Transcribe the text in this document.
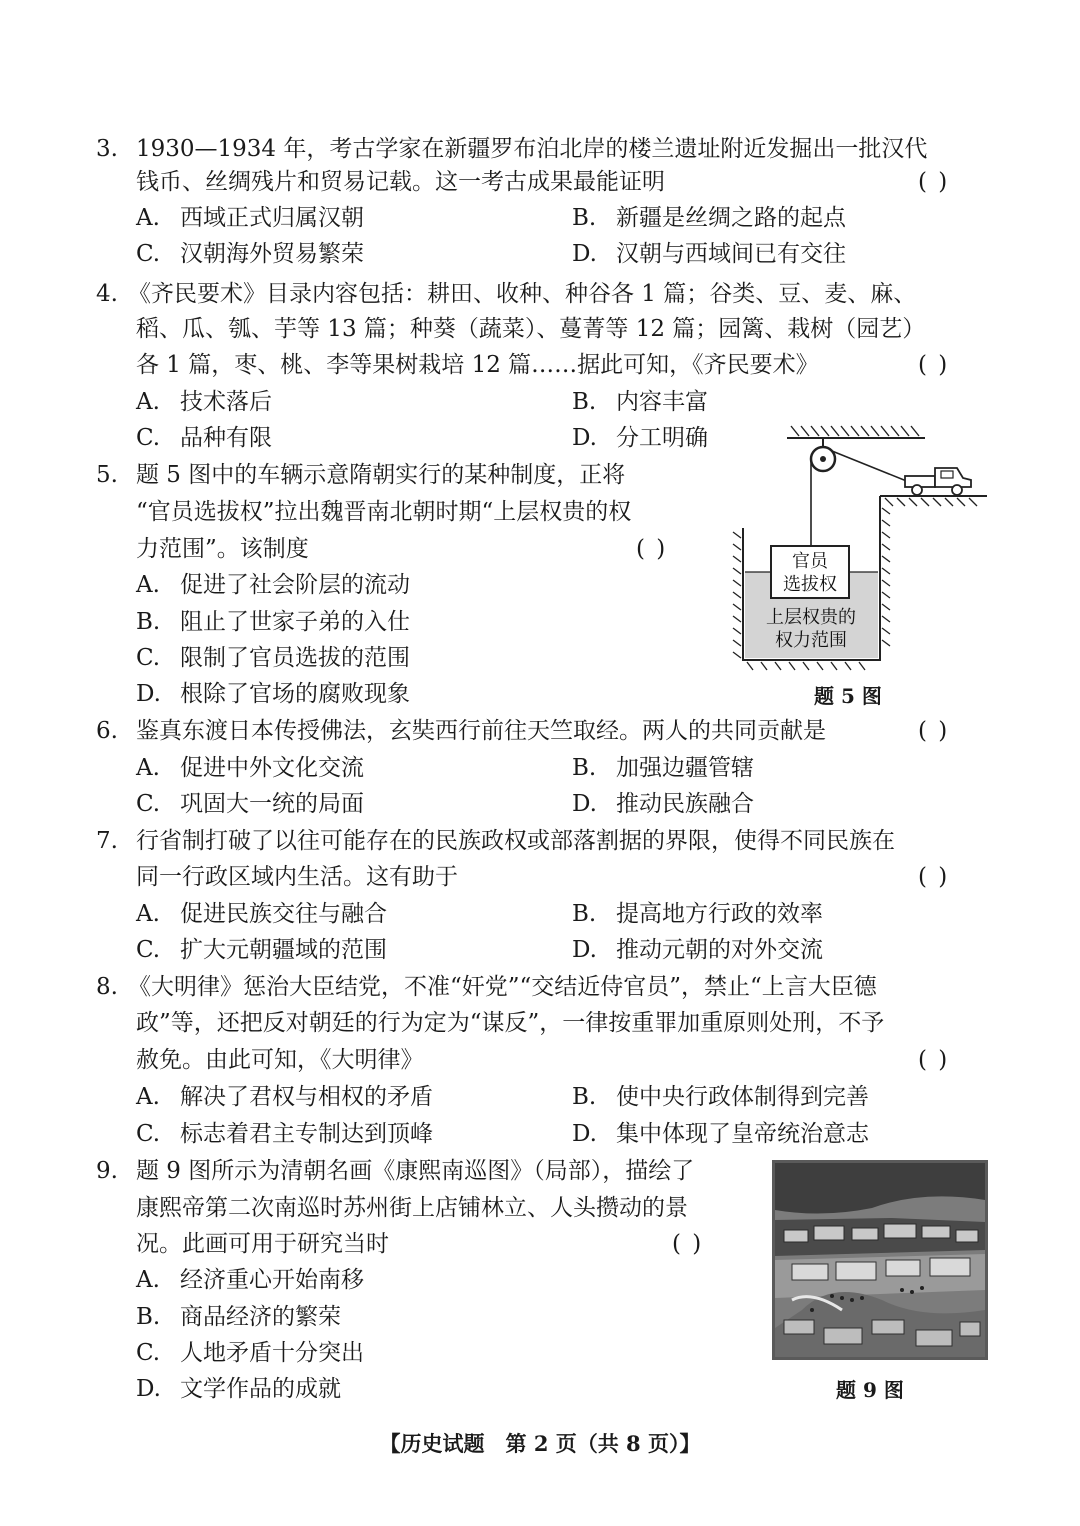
3. 1930—1934 年，考古学家在新疆罗布泊北岸的楼兰遗址附近发掘出一批汉代
钱币、丝绸残片和贸易记载。这一考古成果最能证明	( )
A. 西域正式归属汉朝	B. 新疆是丝绸之路的起点
C. 汉朝海外贸易繁荣	D. 汉朝与西域间已有交往
4. 《齐民要术》目录内容包括：耕田、收种、种谷各 1 篇；谷类、豆、麦、麻、
稻、瓜、瓠、芋等 13 篇；种葵（蔬菜）、蔓菁等 12 篇；园篱、栽树（园艺）
各 1 篇，枣、桃、李等果树栽培 12 篇……据此可知，《齐民要术》	( )
A. 技术落后	B. 内容丰富
C. 品种有限	D. 分工明确
5. 题 5 图中的车辆示意隋朝实行的某种制度，正将
“官员选拔权”拉出魏晋南北朝时期“上层权贵的权
力范围”。该制度	( )
A. 促进了社会阶层的流动
B. 阻止了世家子弟的入仕
C. 限制了官员选拔的范围
D. 根除了官场的腐败现象
官员
选拔权
上层权贵的
权力范围
题 5 图
6. 鉴真东渡日本传授佛法，玄奘西行前往天竺取经。两人的共同贡献是	( )
A. 促进中外文化交流	B. 加强边疆管辖
C. 巩固大一统的局面	D. 推动民族融合
7. 行省制打破了以往可能存在的民族政权或部落割据的界限，使得不同民族在
同一行政区域内生活。这有助于	( )
A. 促进民族交往与融合	B. 提高地方行政的效率
C. 扩大元朝疆域的范围	D. 推动元朝的对外交流
8. 《大明律》惩治大臣结党，不准“奸党”“交结近侍官员”，禁止“上言大臣德
政”等，还把反对朝廷的行为定为“谋反”，一律按重罪加重原则处刑，不予
赦免。由此可知，《大明律》	( )
A. 解决了君权与相权的矛盾	B. 使中央行政体制得到完善
C. 标志着君主专制达到顶峰	D. 集中体现了皇帝统治意志
9. 题 9 图所示为清朝名画《康熙南巡图》（局部），描绘了
康熙帝第二次南巡时苏州街上店铺林立、人头攒动的景
况。此画可用于研究当时	( )
A. 经济重心开始南移
B. 商品经济的繁荣
C. 人地矛盾十分突出
D. 文学作品的成就	题 9 图
【历史试题　第 2 页（共 8 页）】
